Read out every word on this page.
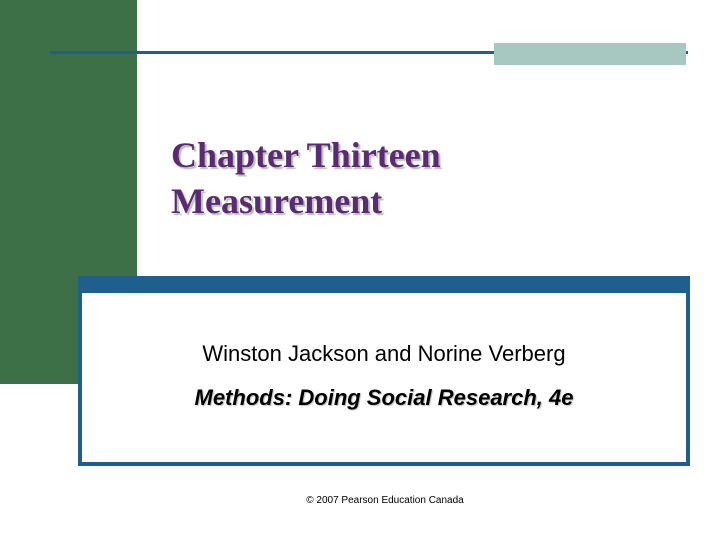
Chapter Thirteen
Measurement
Winston Jackson and Norine Verberg
Methods: Doing Social Research, 4e
© 2007 Pearson Education Canada
